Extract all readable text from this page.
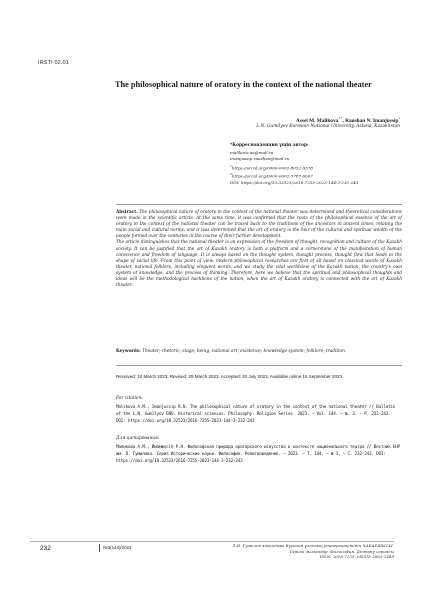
IRSTI 02.01
The philosophical nature of oratory in the context of the national theater
Assel M. Malikova$^{1,*}$, Raushan N. Imanjussip$^1$
L.N. Gumilyov Eurasian National University, Astana, Kazakhstan
*Корреспонденция үшін автор:
malikova.as@mail.ru
imanjussip.raushan@mail.ru
$^1$https://orcid.org/0000-0002-8052-9378
$^2$https://orcid.org/0000-0002-5787-6607
DOI: https://doi.org/10.32523/2616-7255-2023-144-3-232-243

Abstract. The philosophical nature of oratory in the context of the national theater was determined and theoretical considerations were made in the scientific article. At the same time, it was confirmed that the roots of the philosophical essence of the art of oratory in the context of the national theater can be traced back to the traditions of the ancestors in ancient times, relating the main social and cultural norms, and it was determined that the art of oratory is the heir of the cultural and spiritual wealth of the people formed over the centuries in the course of their further development.

The article distinguishes that the national theater is an expression of the freedom of thought, recognition and culture of the Kazakh society. It can be justified that the art of Kazakh oratory is both a platform and a cornerstone of the manifestation of human conscience and freedom of language. It is always based on the thought system, thought process, thought flow that leads to the shape of social life. From this point of view, modern philosophical researches are first of all based on classical words of Kazakh theater, national folklore, including eloquent words, and we study the vital worldview of the Kazakh nation, the country's own system of knowledge, and the process of thinking. Therefore, here we believe that the spiritual and philosophical thoughts and ideas will be the methodological backbone of the nation, when the art of Kazakh oratory is connected with the art of Kazakh theater.

Keywords: Theater; rhetoric; stage; being; national art; existence; knowledge system; folklore; tradition.
Received: 10 March 2023. Revised: 25 March 2023. Accepted: 30 July 2023. Available online 15 September 2023.
For citation:
Malikova A.M., Imanjussip R.N. The philosophical nature of oratory in the context of the national theater // Bulletin of the L.N. Gumilyov ENU. Historical sciences. Philosophy. Religion Series. 2023. – Vol. 144. – №. 3. – P. 232-243. DOI: https://doi.org/10.32523/2616-7255-2023-144-3-232-243
Для цитирования:
Маликова А.М., Имамжүсіп Р.Н. Философская природа ораторского искусства в контексте национального театра // Вестник ЕНУ им. Л. Гумилева. Серия Исторические науки. Философия. Религиоведение. – 2023. – Т. 144. – № 3. – С. 232-243. DOI: https://doi.org/10.32523/2616-7255-2023-144-3-232-243
232	№3(144)/2023	Л.Н. Гумилев атындағы Еуразия ұлттық университетінің ХАБАРШЫСЫ.
Тарихи ғылымдар. Философия. Дінтану сериясы
ISSN: 2616-7255, eISSN: 2663-2489
